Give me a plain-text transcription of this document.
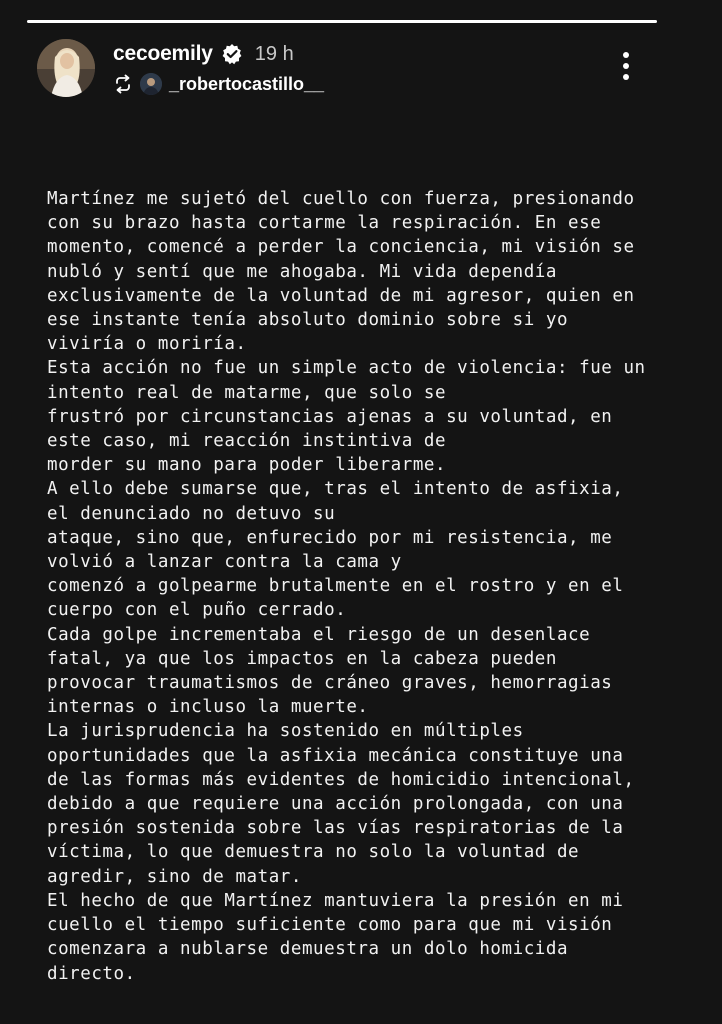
cecoemily 19 h
_robertocastillo__
Martínez me sujetó del cuello con fuerza, presionando
con su brazo hasta cortarme la respiración. En ese
momento, comencé a perder la conciencia, mi visión se
nubló y sentí que me ahogaba. Mi vida dependía
exclusivamente de la voluntad de mi agresor, quien en
ese instante tenía absoluto dominio sobre si yo
viviría o moriría.
Esta acción no fue un simple acto de violencia: fue un
intento real de matarme, que solo se
frustró por circunstancias ajenas a su voluntad, en
este caso, mi reacción instintiva de
morder su mano para poder liberarme.
A ello debe sumarse que, tras el intento de asfixia,
el denunciado no detuvo su
ataque, sino que, enfurecido por mi resistencia, me
volvió a lanzar contra la cama y
comenzó a golpearme brutalmente en el rostro y en el
cuerpo con el puño cerrado.
Cada golpe incrementaba el riesgo de un desenlace
fatal, ya que los impactos en la cabeza pueden
provocar traumatismos de cráneo graves, hemorragias
internas o incluso la muerte.
La jurisprudencia ha sostenido en múltiples
oportunidades que la asfixia mecánica constituye una
de las formas más evidentes de homicidio intencional,
debido a que requiere una acción prolongada, con una
presión sostenida sobre las vías respiratorias de la
víctima, lo que demuestra no solo la voluntad de
agredir, sino de matar.
El hecho de que Martínez mantuviera la presión en mi
cuello el tiempo suficiente como para que mi visión
comenzara a nublarse demuestra un dolo homicida
directo.
